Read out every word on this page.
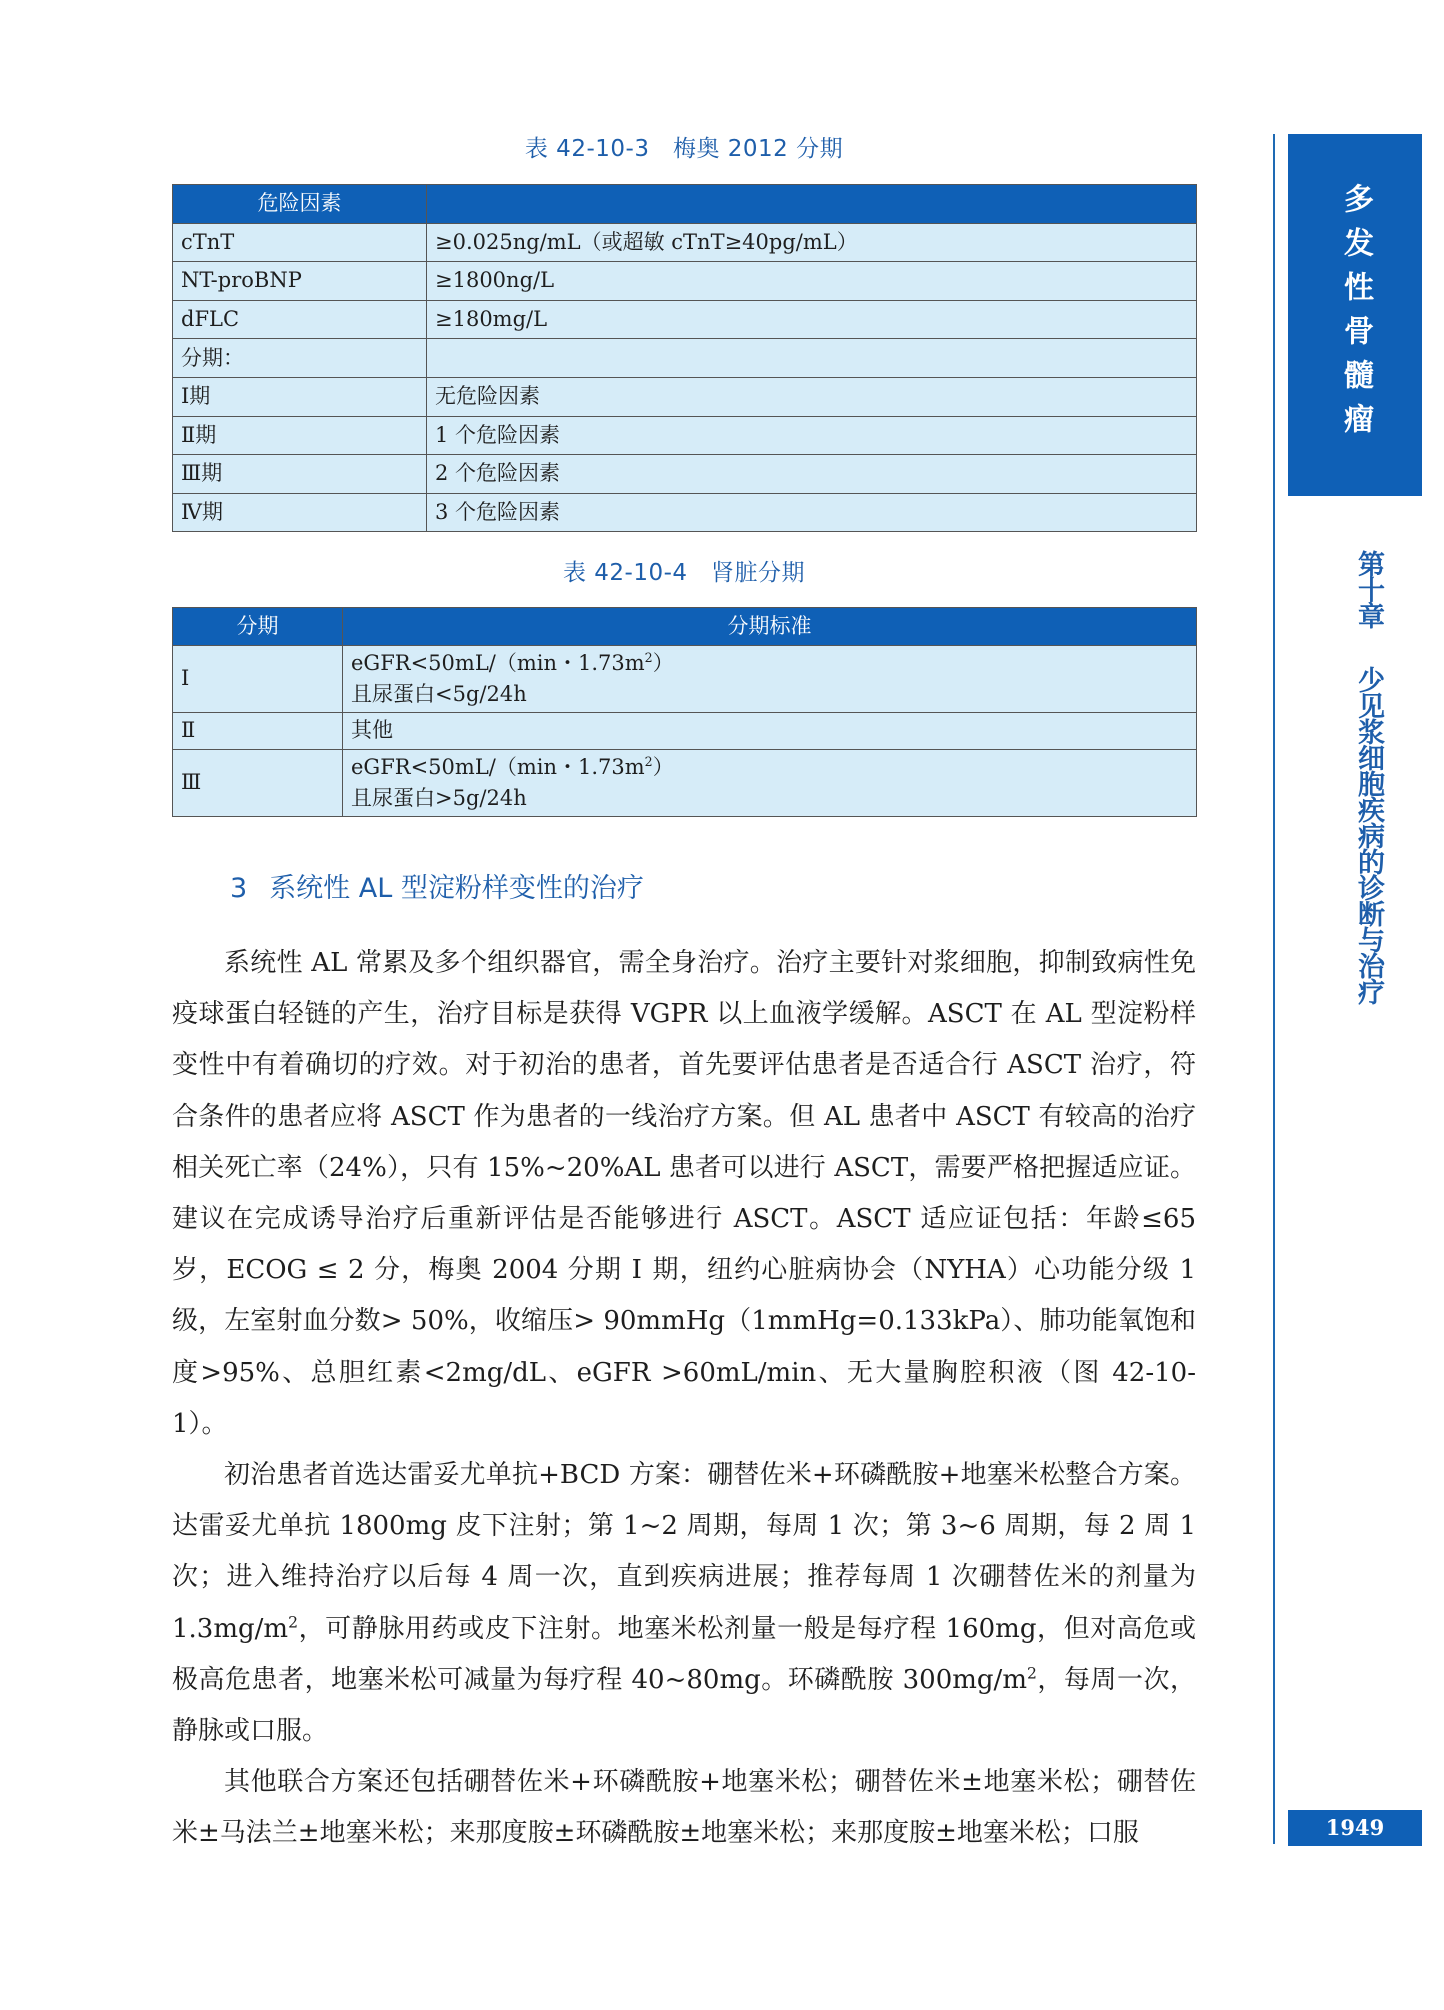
表 42-10-3　梅奥 2012 分期
危险因素	
cTnT	≥0.025ng/mL（或超敏 cTnT≥40pg/mL）
NT-proBNP	≥1800ng/L
dFLC	≥180mg/L
分期：	
Ⅰ期	无危险因素
Ⅱ期	1 个危险因素
Ⅲ期	2 个危险因素
Ⅳ期	3 个危险因素
表 42-10-4　肾脏分期
分期	分期标准
Ⅰ	eGFR<50mL/（min・$1.73m^2$）
且尿蛋白<5g/24h

Ⅱ	其他
Ⅲ	eGFR<50mL/（min・$1.73m^2$）
且尿蛋白>5g/24h
3 系统性 AL 型淀粉样变性的治疗

系统性 AL 常累及多个组织器官，需全身治疗。治疗主要针对浆细胞，抑制致病性免疫球蛋白轻链的产生，治疗目标是获得 VGPR 以上血液学缓解。ASCT 在 AL 型淀粉样变性中有着确切的疗效。对于初治的患者，首先要评估患者是否适合行 ASCT 治疗，符合条件的患者应将 ASCT 作为患者的一线治疗方案。但 AL 患者中 ASCT 有较高的治疗相关死亡率（24%），只有 15%~20%AL 患者可以进行 ASCT，需要严格把握适应证。建议在完成诱导治疗后重新评估是否能够进行 ASCT。ASCT 适应证包括：年龄≤65 岁，ECOG ≤ 2 分，梅奥 2004 分期 Ⅰ 期，纽约心脏病协会（NYHA）心功能分级 1 级，左室射血分数> 50%，收缩压> 90mmHg（1mmHg=0.133kPa）、肺功能氧饱和度>95%、总胆红素<2mg/dL、eGFR >60mL/min、无大量胸腔积液（图 42-10-1）。

初治患者首选达雷妥尤单抗+BCD 方案：硼替佐米+环磷酰胺+地塞米松整合方案。达雷妥尤单抗 1800mg 皮下注射；第 1~2 周期，每周 1 次；第 3~6 周期，每 2 周 1 次；进入维持治疗以后每 4 周一次，直到疾病进展；推荐每周 1 次硼替佐米的剂量为 $1.3mg/m^2$，可静脉用药或皮下注射。地塞米松剂量一般是每疗程 160mg，但对高危或极高危患者，地塞米松可减量为每疗程 40~80mg。环磷酰胺 $300mg/m^2$，每周一次，静脉或口服。

其他联合方案还包括硼替佐米+环磷酰胺+地塞米松；硼替佐米±地塞米松；硼替佐米±马法兰±地塞米松；来那度胺±环磷酰胺±地塞米松；来那度胺±地塞米松；口服

多发性骨髓瘤
第十章少见浆细胞疾病的诊断与治疗
1949
